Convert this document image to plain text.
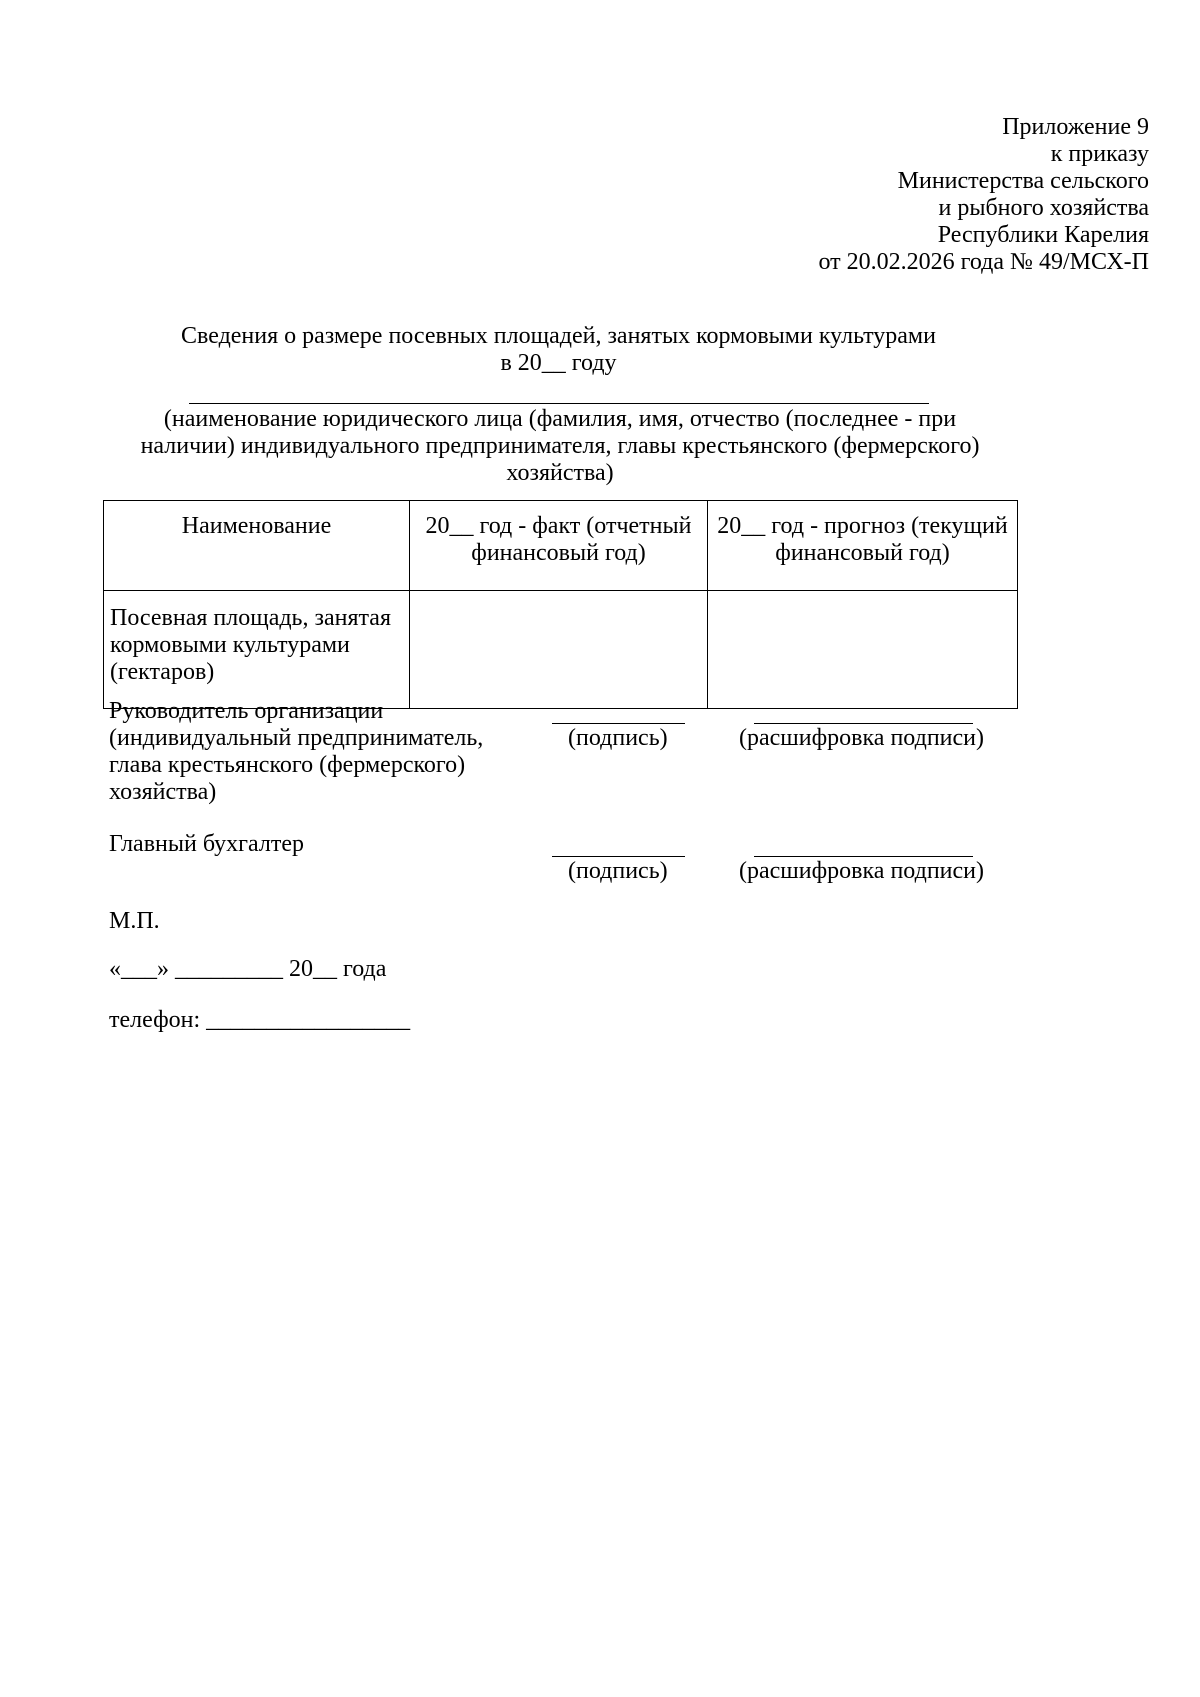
Приложение 9
к приказу
Министерства сельского
и рыбного хозяйства
Республики Карелия
от 20.02.2026 года № 49/МСХ-П
Сведения о размере посевных площадей, занятых кормовыми культурами
в 20__ году
(наименование юридического лица (фамилия, имя, отчество (последнее - при
наличии) индивидуального предпринимателя, главы крестьянского (фермерского)
хозяйства)
Наименование	20__ год - факт (отчетный финансовый год)	20__ год - прогноз (текущий финансовый год)
Посевная площадь, занятая кормовыми культурами (гектаров)		
Руководитель организации
(индивидуальный предприниматель,
глава крестьянского (фермерского)
хозяйства)
(подпись)	(расшифровка подписи)
Главный бухгалтер
(подпись)	(расшифровка подписи)
М.П.
«___» _________ 20__ года
телефон: _________________
